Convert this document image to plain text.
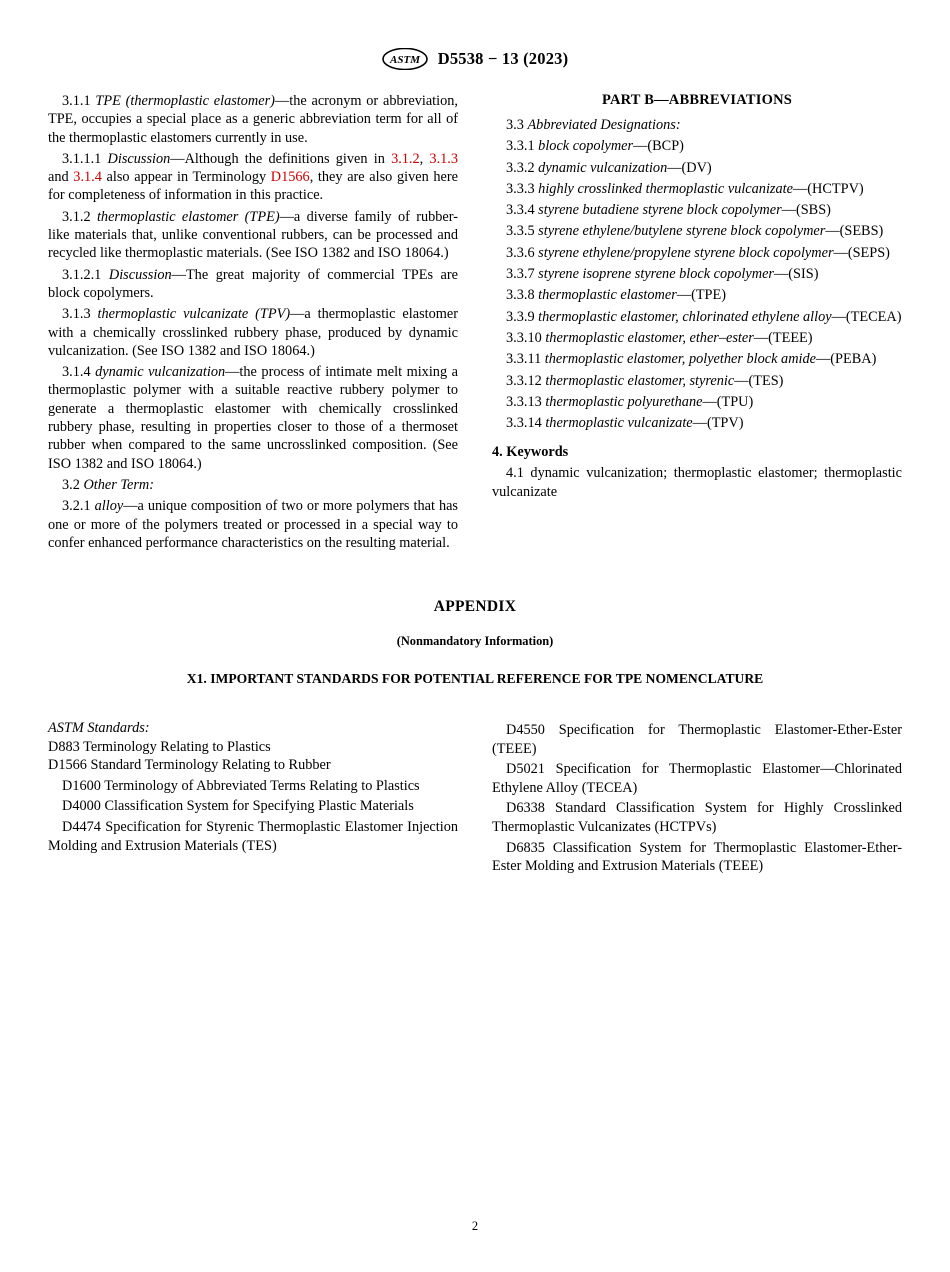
ASTM D5538 − 13 (2023)

3.1.1 TPE (thermoplastic elastomer)—the acronym or abbreviation, TPE, occupies a special place as a generic abbreviation term for all of the thermoplastic elastomers currently in use.

3.1.1.1 Discussion—Although the definitions given in 3.1.2, 3.1.3 and 3.1.4 also appear in Terminology D1566, they are also given here for completeness of information in this practice.

3.1.2 thermoplastic elastomer (TPE)—a diverse family of rubber-like materials that, unlike conventional rubbers, can be processed and recycled like thermoplastic materials. (See ISO 1382 and ISO 18064.)

3.1.2.1 Discussion—The great majority of commercial TPEs are block copolymers.

3.1.3 thermoplastic vulcanizate (TPV)—a thermoplastic elastomer with a chemically crosslinked rubbery phase, produced by dynamic vulcanization. (See ISO 1382 and ISO 18064.)

3.1.4 dynamic vulcanization—the process of intimate melt mixing a thermoplastic polymer with a suitable reactive rubbery polymer to generate a thermoplastic elastomer with chemically crosslinked rubbery phase, resulting in properties closer to those of a thermoset rubber when compared to the same uncrosslinked composition. (See ISO 1382 and ISO 18064.)

3.2 Other Term:

3.2.1 alloy—a unique composition of two or more polymers that has one or more of the polymers treated or processed in a special way to confer enhanced performance characteristics on the resulting material.

PART B—ABBREVIATIONS

3.3 Abbreviated Designations:

3.3.1 block copolymer—(BCP)

3.3.2 dynamic vulcanization—(DV)

3.3.3 highly crosslinked thermoplastic vulcanizate—(HCTPV)

3.3.4 styrene butadiene styrene block copolymer—(SBS)

3.3.5 styrene ethylene/butylene styrene block copolymer—(SEBS)

3.3.6 styrene ethylene/propylene styrene block copolymer—(SEPS)

3.3.7 styrene isoprene styrene block copolymer—(SIS)

3.3.8 thermoplastic elastomer—(TPE)

3.3.9 thermoplastic elastomer, chlorinated ethylene alloy—(TECEA)

3.3.10 thermoplastic elastomer, ether–ester—(TEEE)

3.3.11 thermoplastic elastomer, polyether block amide—(PEBA)

3.3.12 thermoplastic elastomer, styrenic—(TES)

3.3.13 thermoplastic polyurethane—(TPU)

3.3.14 thermoplastic vulcanizate—(TPV)

4. Keywords

4.1 dynamic vulcanization; thermoplastic elastomer; thermoplastic vulcanizate

APPENDIX
(Nonmandatory Information)
X1. IMPORTANT STANDARDS FOR POTENTIAL REFERENCE FOR TPE NOMENCLATURE
ASTM Standards:
D883 Terminology Relating to Plastics
D1566 Standard Terminology Relating to Rubber
D1600 Terminology of Abbreviated Terms Relating to Plastics
D4000 Classification System for Specifying Plastic Materials
D4474 Specification for Styrenic Thermoplastic Elastomer Injection Molding and Extrusion Materials (TES)
D4550 Specification for Thermoplastic Elastomer-Ether-Ester (TEEE)
D5021 Specification for Thermoplastic Elastomer—Chlorinated Ethylene Alloy (TECEA)
D6338 Standard Classification System for Highly Crosslinked Thermoplastic Vulcanizates (HCTPVs)
D6835 Classification System for Thermoplastic Elastomer-Ether-Ester Molding and Extrusion Materials (TEEE)
2
